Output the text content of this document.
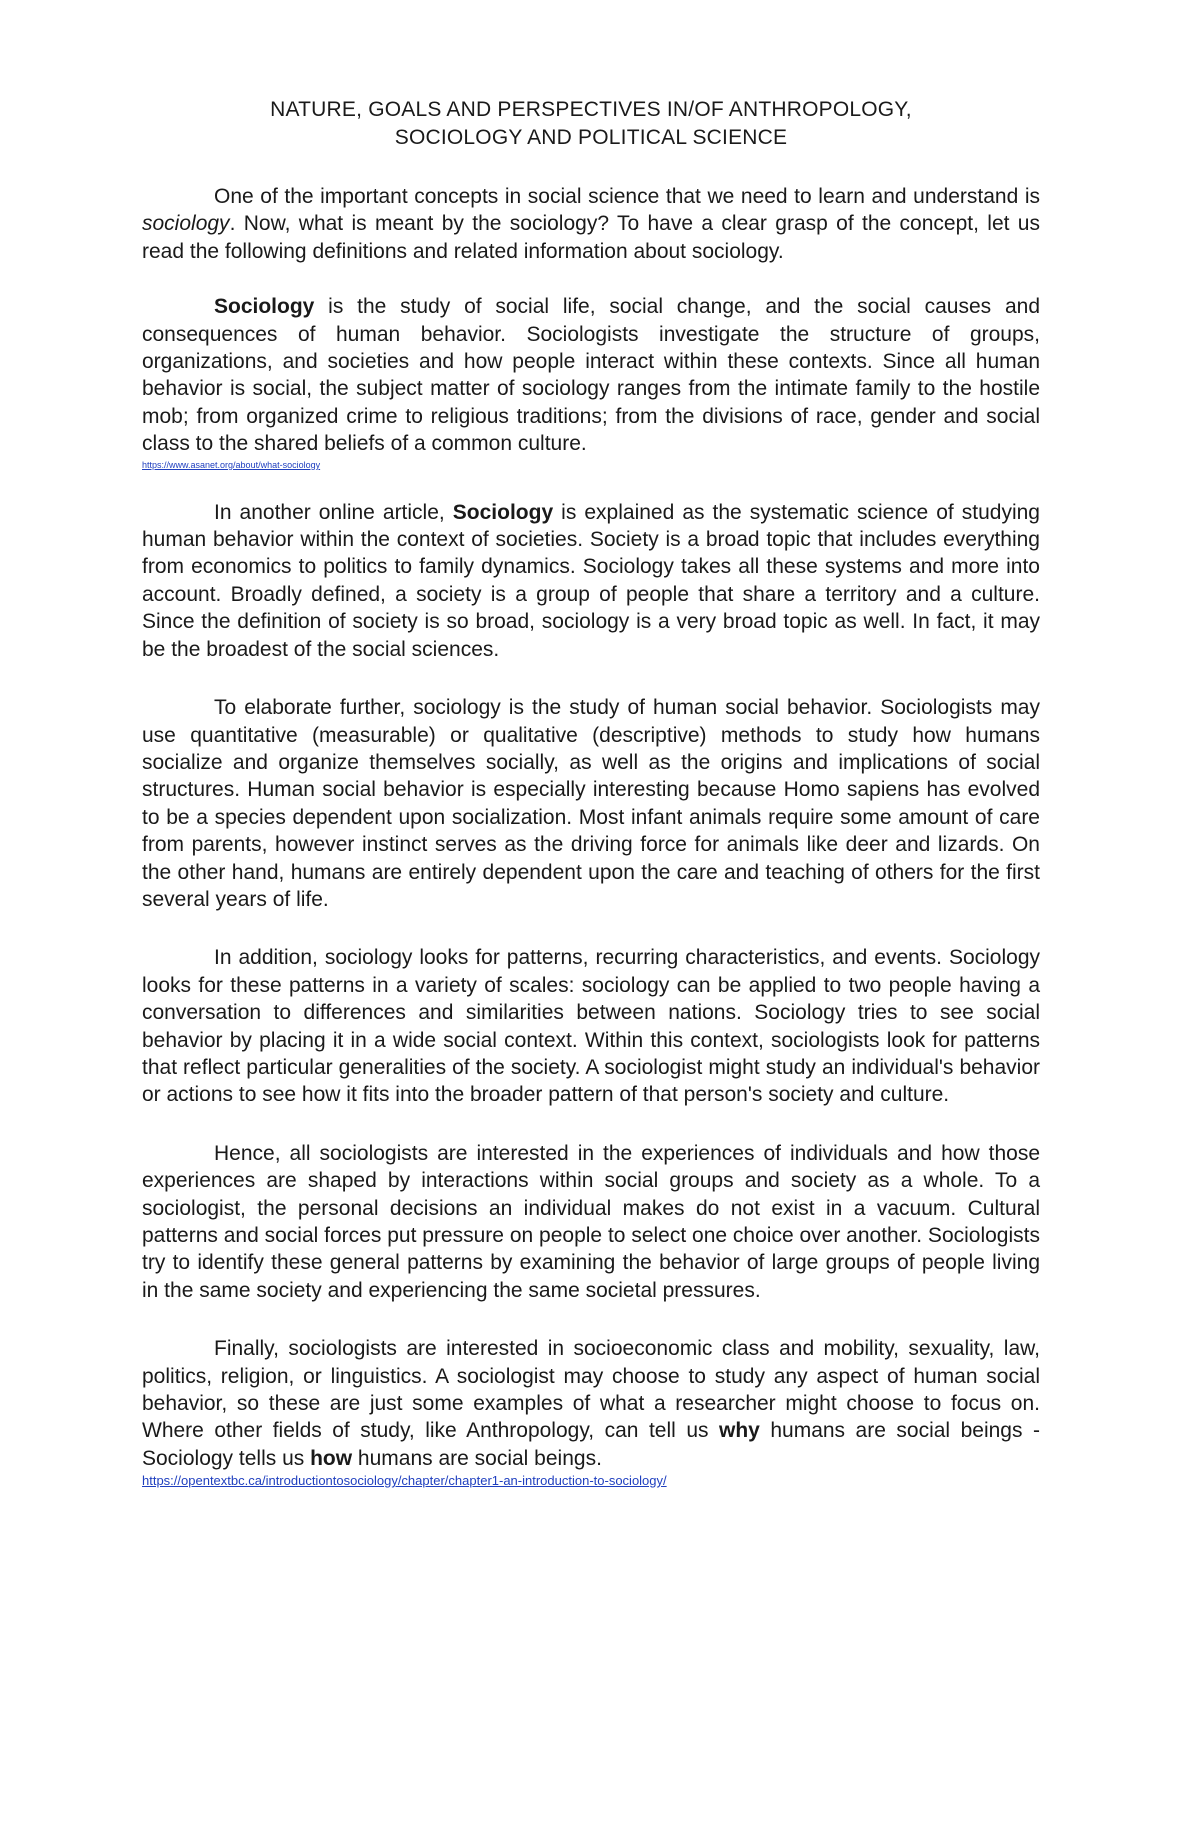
NATURE, GOALS AND PERSPECTIVES IN/OF ANTHROPOLOGY,
SOCIOLOGY AND POLITICAL SCIENCE

One of the important concepts in social science that we need to learn and understand is sociology. Now, what is meant by the sociology? To have a clear grasp of the concept, let us read the following definitions and related information about sociology.

Sociology is the study of social life, social change, and the social causes and consequences of human behavior. Sociologists investigate the structure of groups, organizations, and societies and how people interact within these contexts. Since all human behavior is social, the subject matter of sociology ranges from the intimate family to the hostile mob; from organized crime to religious traditions; from the divisions of race, gender and social class to the shared beliefs of a common culture.

https://www.asanet.org/about/what-sociology

In another online article, Sociology is explained as the systematic science of studying human behavior within the context of societies. Society is a broad topic that includes everything from economics to politics to family dynamics. Sociology takes all these systems and more into account. Broadly defined, a society is a group of people that share a territory and a culture. Since the definition of society is so broad, sociology is a very broad topic as well. In fact, it may be the broadest of the social sciences.

To elaborate further, sociology is the study of human social behavior. Sociologists may use quantitative (measurable) or qualitative (descriptive) methods to study how humans socialize and organize themselves socially, as well as the origins and implications of social structures. Human social behavior is especially interesting because Homo sapiens has evolved to be a species dependent upon socialization. Most infant animals require some amount of care from parents, however instinct serves as the driving force for animals like deer and lizards. On the other hand, humans are entirely dependent upon the care and teaching of others for the first several years of life.

In addition, sociology looks for patterns, recurring characteristics, and events. Sociology looks for these patterns in a variety of scales: sociology can be applied to two people having a conversation to differences and similarities between nations. Sociology tries to see social behavior by placing it in a wide social context. Within this context, sociologists look for patterns that reflect particular generalities of the society. A sociologist might study an individual's behavior or actions to see how it fits into the broader pattern of that person's society and culture.

Hence, all sociologists are interested in the experiences of individuals and how those experiences are shaped by interactions within social groups and society as a whole. To a sociologist, the personal decisions an individual makes do not exist in a vacuum. Cultural patterns and social forces put pressure on people to select one choice over another. Sociologists try to identify these general patterns by examining the behavior of large groups of people living in the same society and experiencing the same societal pressures.

Finally, sociologists are interested in socioeconomic class and mobility, sexuality, law, politics, religion, or linguistics. A sociologist may choose to study any aspect of human social behavior, so these are just some examples of what a researcher might choose to focus on. Where other fields of study, like Anthropology, can tell us why humans are social beings - Sociology tells us how humans are social beings.

https://opentextbc.ca/introductiontosociology/chapter/chapter1-an-introduction-to-sociology/
